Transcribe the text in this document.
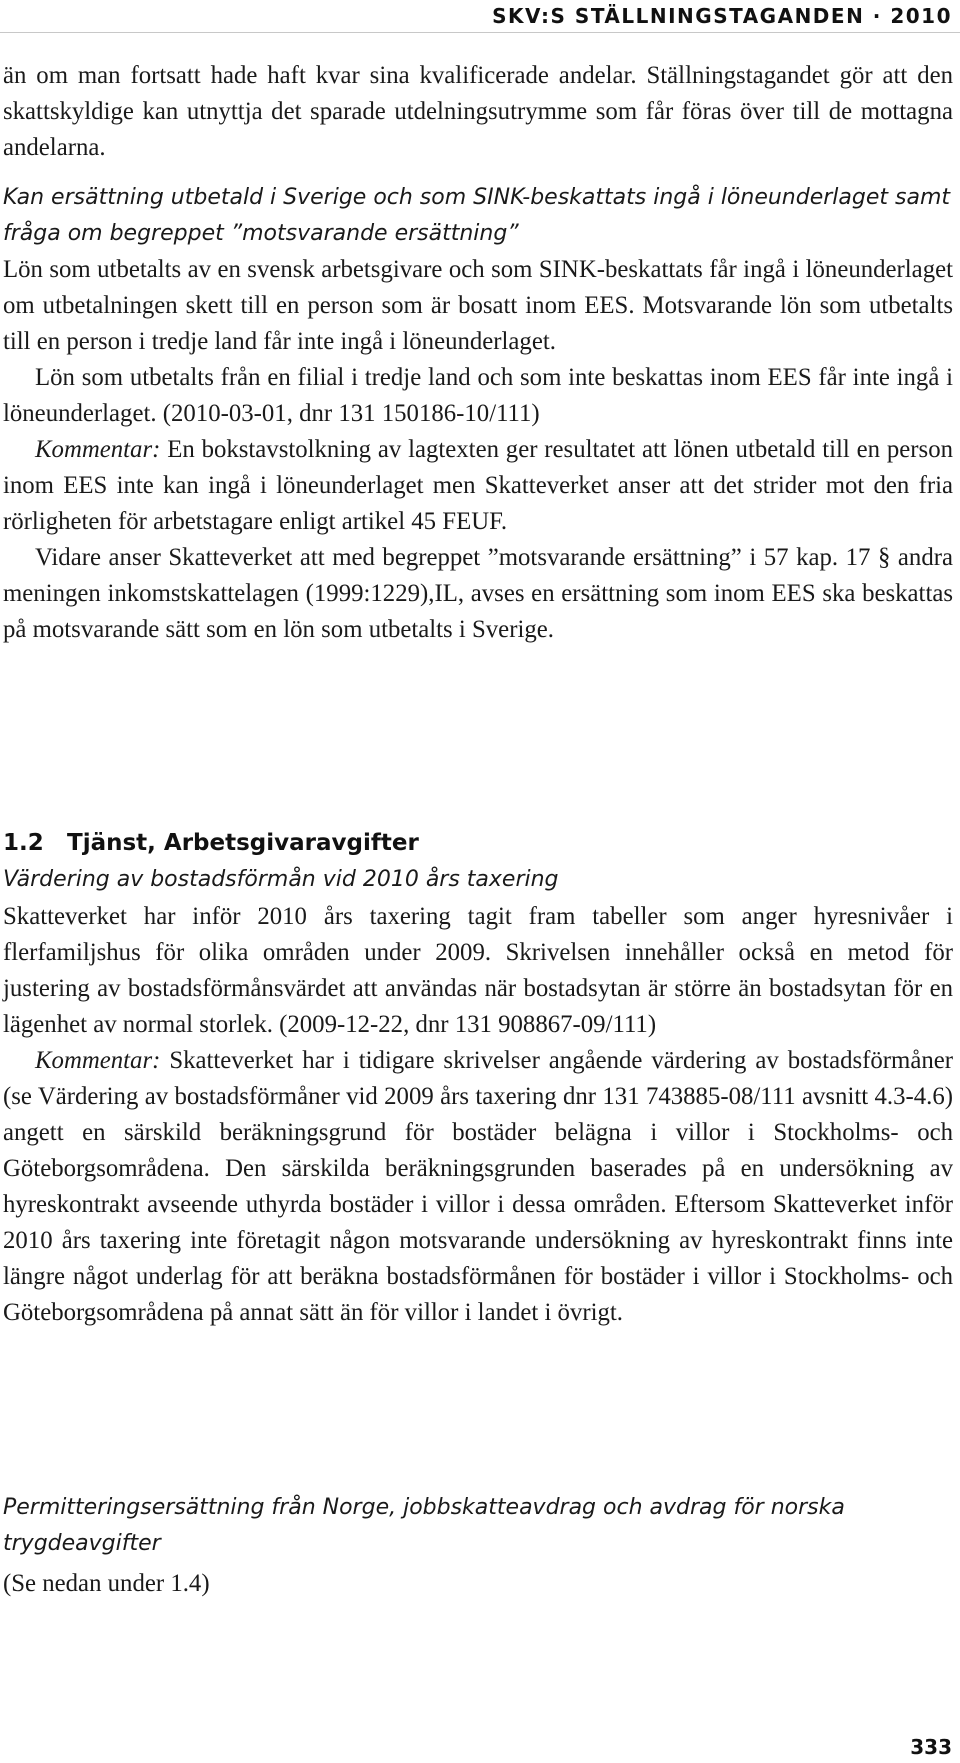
SKV:S STÄLLNINGSTAGANDEN · 2010

än om man fortsatt hade haft kvar sina kvalificerade andelar. Ställningstagandet gör att den skattskyldige kan utnyttja det sparade utdelningsutrymme som får föras över till de mottagna andelarna.

Kan ersättning utbetald i Sverige och som SINK-beskattats ingå i löneunderlaget samt fråga om begreppet ”motsvarande ersättning”

Lön som utbetalts av en svensk arbetsgivare och som SINK-beskattats får ingå i löneunderlaget om utbetalningen skett till en person som är bosatt inom EES. Motsvarande lön som utbetalts till en person i tredje land får inte ingå i löneunderlaget.

Lön som utbetalts från en filial i tredje land och som inte beskattas inom EES får inte ingå i löneunderlaget. (2010-03-01, dnr 131 150186-10/111)

Kommentar: En bokstavstolkning av lagtexten ger resultatet att lönen utbetald till en person inom EES inte kan ingå i löneunderlaget men Skatteverket anser att det strider mot den fria rörligheten för arbetstagare enligt artikel 45 FEUF.

Vidare anser Skatteverket att med begreppet ”motsvarande ersättning” i 57 kap. 17 § andra meningen inkomstskattelagen (1999:1229),IL, avses en ersättning som inom EES ska beskattas på motsvarande sätt som en lön som utbetalts i Sverige.

1.2 Tjänst, Arbetsgivaravgifter
Värdering av bostadsförmån vid 2010 års taxering

Skatteverket har inför 2010 års taxering tagit fram tabeller som anger hyresnivåer i flerfamiljshus för olika områden under 2009. Skrivelsen innehåller också en metod för justering av bostadsförmånsvärdet att användas när bostadsytan är större än bostadsytan för en lägenhet av normal storlek. (2009-12-22, dnr 131 908867-09/111)

Kommentar: Skatteverket har i tidigare skrivelser angående värdering av bostadsförmåner (se Värdering av bostadsförmåner vid 2009 års taxering dnr 131 743885-08/111 avsnitt 4.3-4.6) angett en särskild beräkningsgrund för bostäder belägna i villor i Stockholms- och Göteborgsområdena. Den särskilda beräkningsgrunden baserades på en undersökning av hyreskontrakt avseende uthyrda bostäder i villor i dessa områden. Eftersom Skatteverket inför 2010 års taxering inte företagit någon motsvarande undersökning av hyreskontrakt finns inte längre något underlag för att beräkna bostadsförmånen för bostäder i villor i Stockholms- och Göteborgsområdena på annat sätt än för villor i landet i övrigt.

Permitteringsersättning från Norge, jobbskatteavdrag och avdrag för norska trygdeavgifter

(Se nedan under 1.4)

333
